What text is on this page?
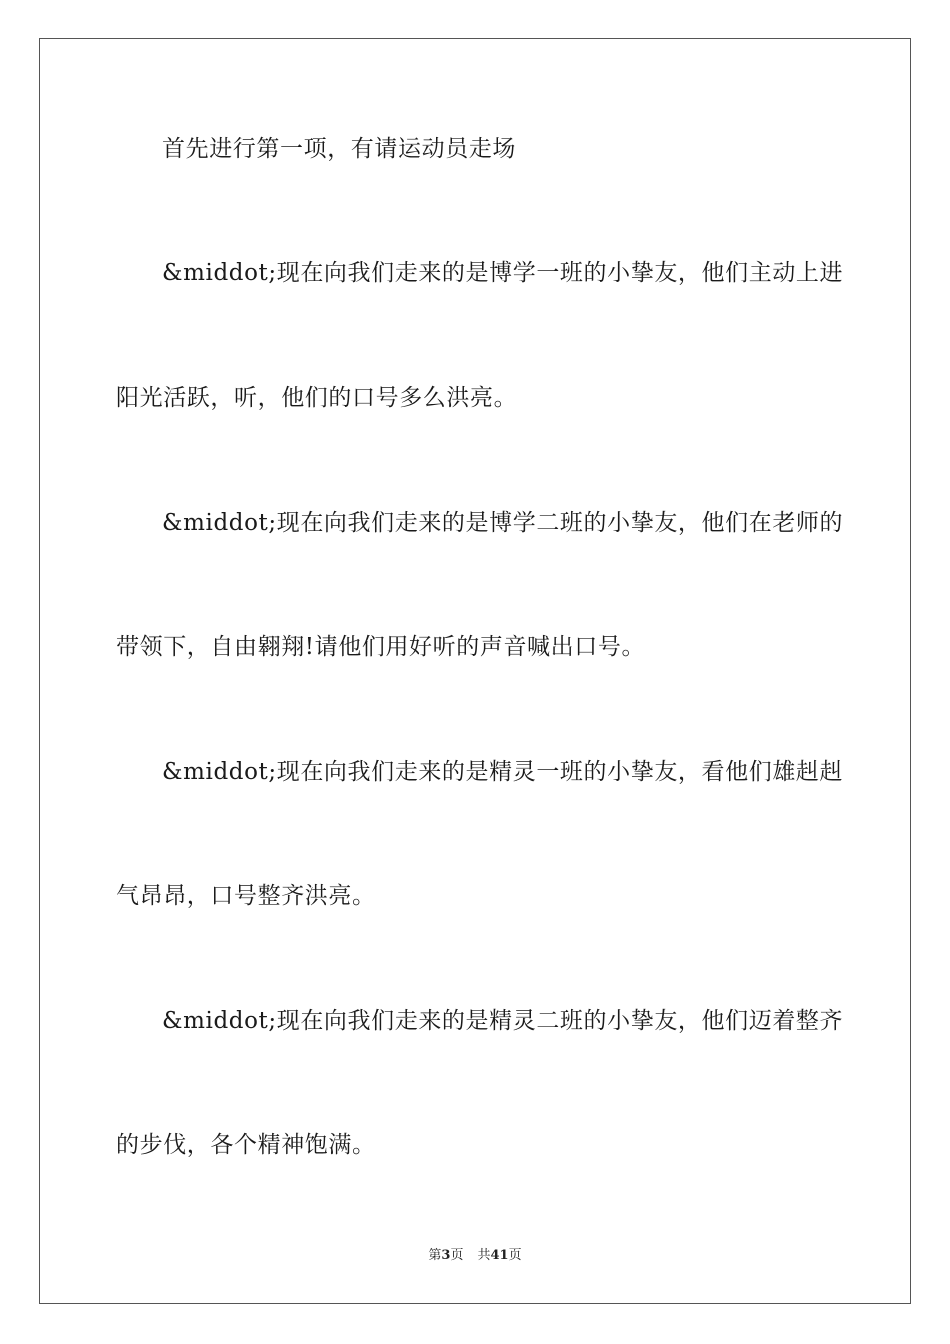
首先进行第一项，有请运动员走场
&middot;现在向我们走来的是博学一班的小挚友，他们主动上进
阳光活跃，听，他们的口号多么洪亮。
&middot;现在向我们走来的是博学二班的小挚友，他们在老师的
带领下，自由翱翔!请他们用好听的声音喊出口号。
&middot;现在向我们走来的是精灵一班的小挚友，看他们雄赳赳
气昂昂，口号整齐洪亮。
&middot;现在向我们走来的是精灵二班的小挚友，他们迈着整齐
的步伐，各个精神饱满。
第3页 共41页
